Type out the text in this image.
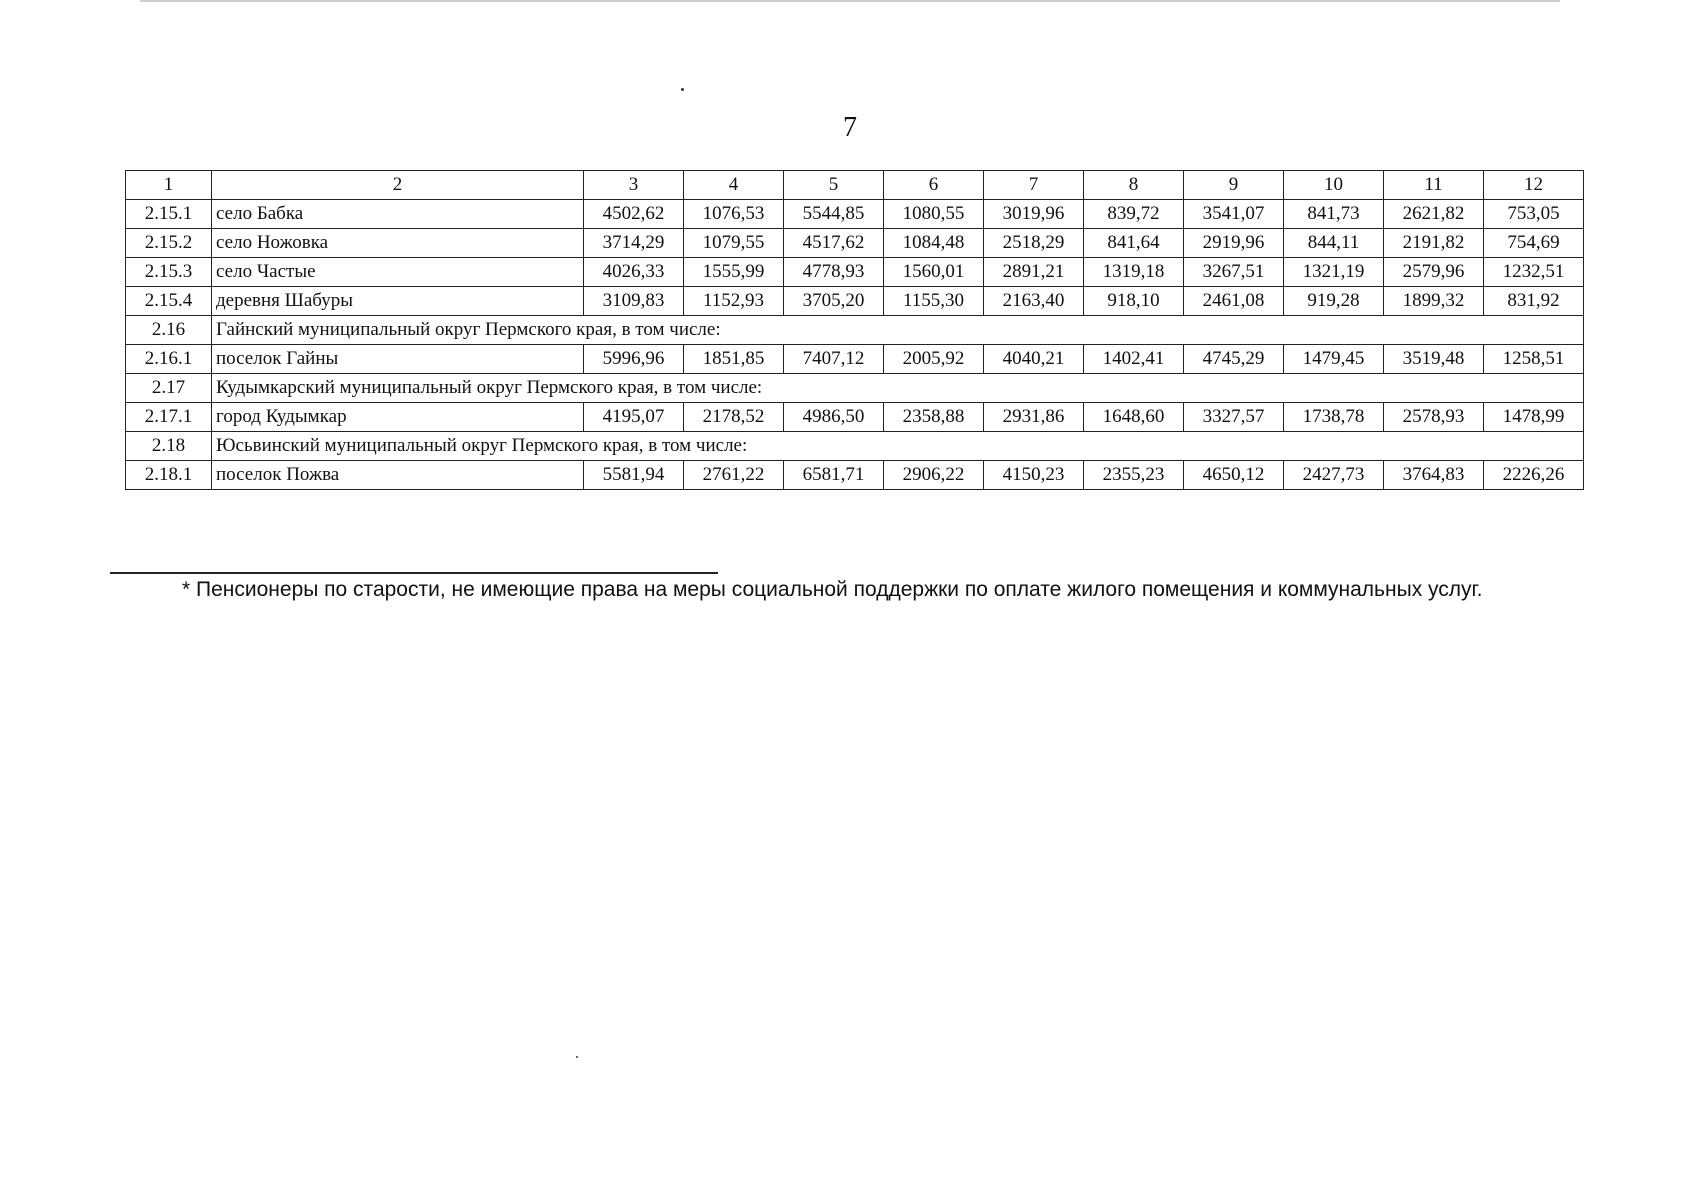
7
1	2	3	4	5	6	7	8	9	10	11	12
2.15.1	село Бабка	4502,62	1076,53	5544,85	1080,55	3019,96	839,72	3541,07	841,73	2621,82	753,05
2.15.2	село Ножовка	3714,29	1079,55	4517,62	1084,48	2518,29	841,64	2919,96	844,11	2191,82	754,69
2.15.3	село Частые	4026,33	1555,99	4778,93	1560,01	2891,21	1319,18	3267,51	1321,19	2579,96	1232,51
2.15.4	деревня Шабуры	3109,83	1152,93	3705,20	1155,30	2163,40	918,10	2461,08	919,28	1899,32	831,92
2.16	Гайнский муниципальный округ Пермского края, в том числе:										
2.16.1	поселок Гайны	5996,96	1851,85	7407,12	2005,92	4040,21	1402,41	4745,29	1479,45	3519,48	1258,51
2.17	Кудымкарский муниципальный округ Пермского края, в том числе:										
2.17.1	город Кудымкар	4195,07	2178,52	4986,50	2358,88	2931,86	1648,60	3327,57	1738,78	2578,93	1478,99
2.18	Юсьвинский муниципальный округ Пермского края, в том числе:										
2.18.1	поселок Пожва	5581,94	2761,22	6581,71	2906,22	4150,23	2355,23	4650,12	2427,73	3764,83	2226,26
* Пенсионеры по старости, не имеющие права на меры социальной поддержки по оплате жилого помещения и коммунальных услуг.
